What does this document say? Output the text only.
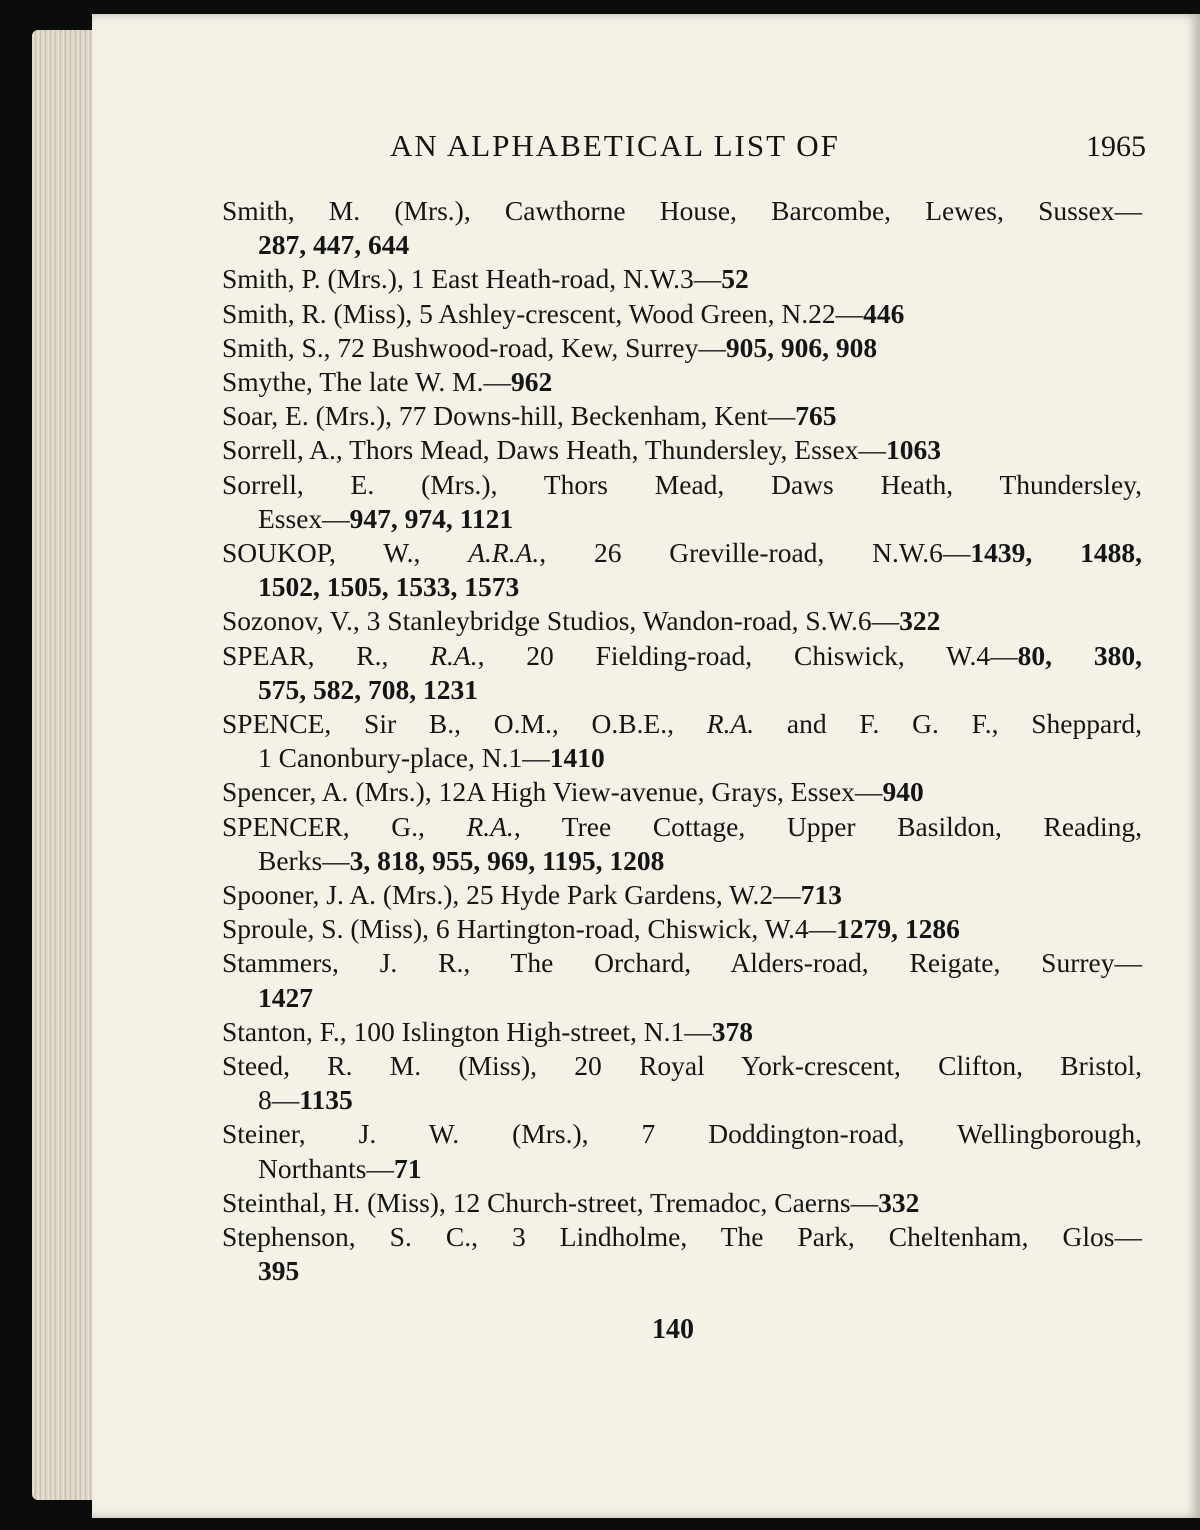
AN ALPHABETICAL LIST OF	1965
Smith, M. (Mrs.), Cawthorne House, Barcombe, Lewes, Sussex—
287, 447, 644
Smith, P. (Mrs.), 1 East Heath-road, N.W.3—52
Smith, R. (Miss), 5 Ashley-crescent, Wood Green, N.22—446
Smith, S., 72 Bushwood-road, Kew, Surrey—905, 906, 908
Smythe, The late W. M.—962
Soar, E. (Mrs.), 77 Downs-hill, Beckenham, Kent—765
Sorrell, A., Thors Mead, Daws Heath, Thundersley, Essex—1063
Sorrell, E. (Mrs.), Thors Mead, Daws Heath, Thundersley,
Essex—947, 974, 1121
SOUKOP, W., A.R.A., 26 Greville-road, N.W.6—1439, 1488,
1502, 1505, 1533, 1573
Sozonov, V., 3 Stanleybridge Studios, Wandon-road, S.W.6—322
SPEAR, R., R.A., 20 Fielding-road, Chiswick, W.4—80, 380,
575, 582, 708, 1231
SPENCE, Sir B., O.M., O.B.E., R.A. and F. G. F., Sheppard,
1 Canonbury-place, N.1—1410
Spencer, A. (Mrs.), 12A High View-avenue, Grays, Essex—940
SPENCER, G., R.A., Tree Cottage, Upper Basildon, Reading,
Berks—3, 818, 955, 969, 1195, 1208
Spooner, J. A. (Mrs.), 25 Hyde Park Gardens, W.2—713
Sproule, S. (Miss), 6 Hartington-road, Chiswick, W.4—1279, 1286
Stammers, J. R., The Orchard, Alders-road, Reigate, Surrey—
1427
Stanton, F., 100 Islington High-street, N.1—378
Steed, R. M. (Miss), 20 Royal York-crescent, Clifton, Bristol,
8—1135
Steiner, J. W. (Mrs.), 7 Doddington-road, Wellingborough,
Northants—71
Steinthal, H. (Miss), 12 Church-street, Tremadoc, Caerns—332
Stephenson, S. C., 3 Lindholme, The Park, Cheltenham, Glos—
395
140
